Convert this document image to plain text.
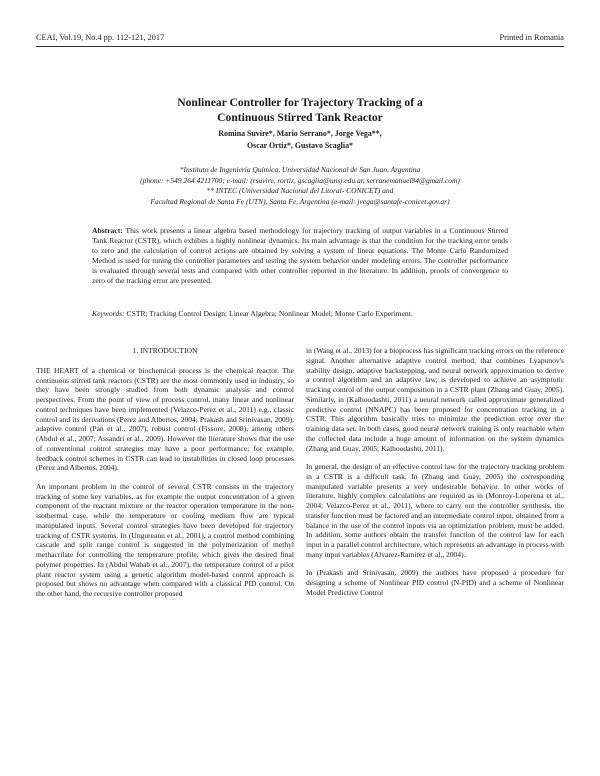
CEAI, Vol.19, No.4 pp. 112-121, 2017	Printed in Romania
Nonlinear Controller for Trajectory Tracking of a
Continuous Stirred Tank Reactor
Romina Suvire*, Mario Serrano*, Jorge Vega**,
Oscar Ortiz*, Gustavo Scaglia*
*Instituto de Ingeniería Química, Universidad Nacional de San Juan, Argentina
(phone: +549 264 4211700; e-mail: (rsuvire, rortiz, gscaglia@unsj.edu.ar, serranemanuel84@gmail.com)
** INTEC (Universidad Nacional del Litoral- CONICET) and
Facultad Regional de Santa Fe (UTN), Santa Fe, Argentina (e-mail: jvega@santafe-conicet.gov.ar)
Abstract: This work presents a linear algebra based methodology for trajectory tracking of output variables in a Continuous Stirred Tank Reactor (CSTR), which exhibits a highly nonlinear dynamics. Its main advantage is that the condition for the tracking error tends to zero and the calculation of control actions are obtained by solving a system of linear equations. The Monte Carlo Randomized Method is used for tuning the controller parameters and testing the system behavior under modeling errors. The controller performance is evaluated through several tests and compared with other controller reported in the literature. In addition, proofs of convergence to zero of the tracking error are presented.
Keywords: CSTR; Tracking Control Design; Linear Algebra; Nonlinear Model; Monte Carlo Experiment.
1. INTRODUCTION

THE HEART of a chemical or biochemical process is the chemical reactor. The continuous stirred tank reactors (CSTR) are the most commonly used in industry, so they have been strongly studied from both dynamic analysis and control perspectives. From the point of view of process control, many linear and nonlinear control techniques have been implemented (Velazco-Perez et al., 2011) e.g., classic control and its derivations (Perez and Albertos, 2004; Prakash and Srinivasan, 2009), adaptive control (Pan et al., 2007), robust control (Fissore, 2008), among others (Abdul et al., 2007; Assandri et al., 2009). However the literature shows that the use of conventional control strategies may have a poor performance; for example, feedback control schemes in CSTR can lead to instabilities in closed loop processes (Perez and Albertos, 2004).

An important problem in the control of several CSTR consists in the trajectory tracking of some key variables, as for example the output concentration of a given component of the reactant mixture or the reactor operation temperature in the non-isothermal case, while the temperature or cooling medium flow are typical manipulated inputs. Several control strategies have been developed for trajectory tracking of CSTR systems. In (Ungureanu et al., 2001), a control method combining cascade and split range control is suggested in the polymerization of methyl methacrilate for controlling the temperature profile, which gives the desired final polymer properties. In (Abdul Wahab et al., 2007), the temperature control of a pilot plant reactor system using a genetic algorithm model-based control approach is proposed but shows no advantage when compared with a classical PID control. On the other hand, the recursive controller proposed

in (Wang et al., 2013) for a bioprocess has significant tracking errors on the reference signal. Another alternative adaptive control method, that combines Lyapunov's stability design, adaptive backstepping, and neural network approximation to derive a control algorithm and an adaptive law, is developed to achieve an asymptotic tracking control of the output composition in a CSTR plant (Zhang and Guay, 2005). Similarly, in (Kalhoodashti, 2011) a neural network called approximate generalized predictive control (NNAPC) has been proposed for concentration tracking in a CSTR. This algorithm basically tries to minimize the prediction error over the training data set. In both cases, good neural network training is only reachable when the collected data include a huge amount of information on the system dynamics (Zhang and Guay, 2005; Kalhoodashti, 2011).

In general, the design of an effective control law for the trajectory tracking problem in a CSTR is a difficult task. In (Zhang and Guay, 2005) the corresponding manipulated variable presents a very undesirable behavior. In other works of literature, highly complex calculations are required as in (Monroy-Loperena et al., 2004; Velazco-Perez et al., 2011), where to carry out the controller synthesis, the transfer function must be factored and an intermediate control input, obtained from a balance in the use of the control inputs via an optimization problem, must be added. In addition, some authors obtain the transfer function of the control law for each input in a parallel control architecture, which represents an advantage in process with many input variables (Alvarez-Ramirez et al., 2004).

In (Prakash and Srinivasan, 2009) the authors have proposed a procedure for designing a scheme of Nonlinear PID control (N-PID) and a scheme of Nonlinear Model Predictive Control
